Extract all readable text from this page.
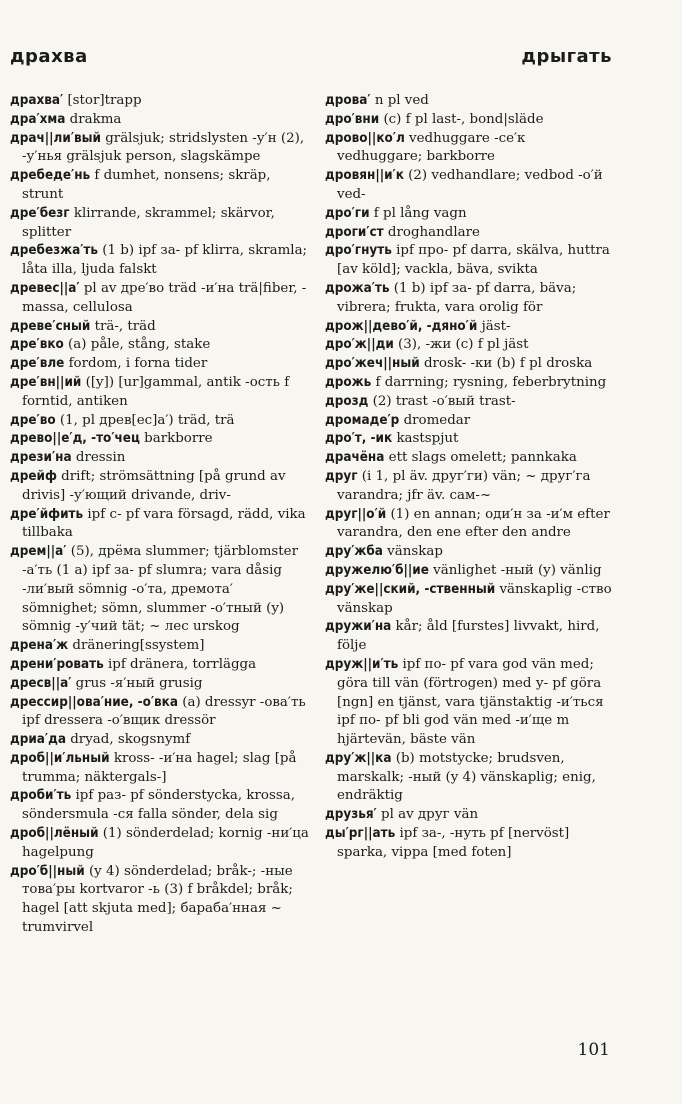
драхва	дрыгать

драхва′ [stor]trapp

дра′хма drakma

драч||ли′вый grälsjuk; stridslysten -у′н (2), -у′нья grälsjuk person, slagskämpe

дребеде′нь f dumhet, nonsens; skräp, strunt

дре′безг klirrande, skrammel; skärvor, splitter

дребезжа′ть (1 b) ipf за- pf klirra, skramla; låta illa, ljuda falskt

древес||а′ pl av дре′во träd -и′на trä|fiber, -massa, cellulosa

древе′сный trä-, träd

дре′вко (a) påle, stång, stake

дре′вле fordom, i forna tider

дре′вн||ий ([y]) [ur]gammal, antik -ость f forntid, antiken

дре′во (1, pl древ[ес]а′) träd, trä

древо||е′д, -то′чец barkborre

дрези′на dressin

дрейф drift; strömsättning [på grund av drivis] -у′ющий drivande, driv-

дре′йфить ipf с- pf vara försagd, rädd, vika tillbaka

дрем||а′ (5), дрёма slummer; tjärblomster -а′ть (1 a) ipf за- pf slumra; vara dåsig -ли′вый sömnig -о′та, дремота′ sömnighet; sömn, slummer -о′тный (y) sömnig -у′чий tät; ~ лес urskog

дрена′ж dränering[ssystem]

дрени′ровать ipf dränera, torrlägga

дресв||а′ grus -я′ный grusig

дрессир||ова′ние, -о′вка (a) dressyr -ова′ть ipf dressera -о′вщик dressör

дриа′да dryad, skogsnymf

дроб||и′льный kross- -и′на hagel; slag [på trumma; näktergals-]

дроби′ть ipf раз- pf sönderstycka, krossa, söndersmula -ся falla sönder, dela sig

дроб||лёный (1) sönderdelad; kornig -ни′ца hagelpung

дро′б||ный (y 4) sönderdelad; bråk-; -ные това′ры kortvaror -ь (3) f bråkdel; bråk; hagel [att skjuta med]; бараба′нная ~ trumvirvel

дрова′ n pl ved

дро′вни (c) f pl last-, bond|släde

дрово||ко′л vedhuggare -се′к vedhuggare; barkborre

дровян||и′к (2) vedhandlare; vedbod -о′й ved-

дро′ги f pl lång vagn

дроги′ст droghandlare

дро′гнуть ipf про- pf darra, skälva, huttra [av köld]; vackla, bäva, svikta

дрожа′ть (1 b) ipf за- pf darra, bäva; vibrera; frukta, vara orolig för

дрож||дево′й, -дяно′й jäst-

дро′ж||ди (3), -жи (c) f pl jäst

дро′жеч||ный drosk- -ки (b) f pl droska

дрожь f darrning; rysning, feberbrytning

дрозд (2) trast -о′вый trast-

дромаде′р dromedar

дро′т, -ик kastspjut

драчёна ett slags omelett; pannkaka

друг (i 1, pl äv. друг′ги) vän; ~ друг′га varandra; jfr äv. сам-~

друг||о′й (1) en annan; оди′н за -и′м efter varandra, den ene efter den andre

дру′жба vänskap

дружелю′б||ие vänlighet -ный (y) vänlig

дру′же||ский, -ственный vänskaplig -ство vänskap

дружи′на kår; åld [furstes] livvakt, hird, följe

друж||и′ть ipf по- pf vara god vän med; göra till vän (förtrogen) med у- pf göra [ngn] en tjänst, vara tjänstaktig -и′ться ipf по- pf bli god vän med -и′ще m hjärtevän, bäste vän

дру′ж||ка (b) motstycke; brudsven, marskalk; -ный (y 4) vänskaplig; enig, endräktig

друзья′ pl av друг vän

ды′рг||ать ipf за-, -нуть pf [nervöst] sparka, vippa [med foten]

101
